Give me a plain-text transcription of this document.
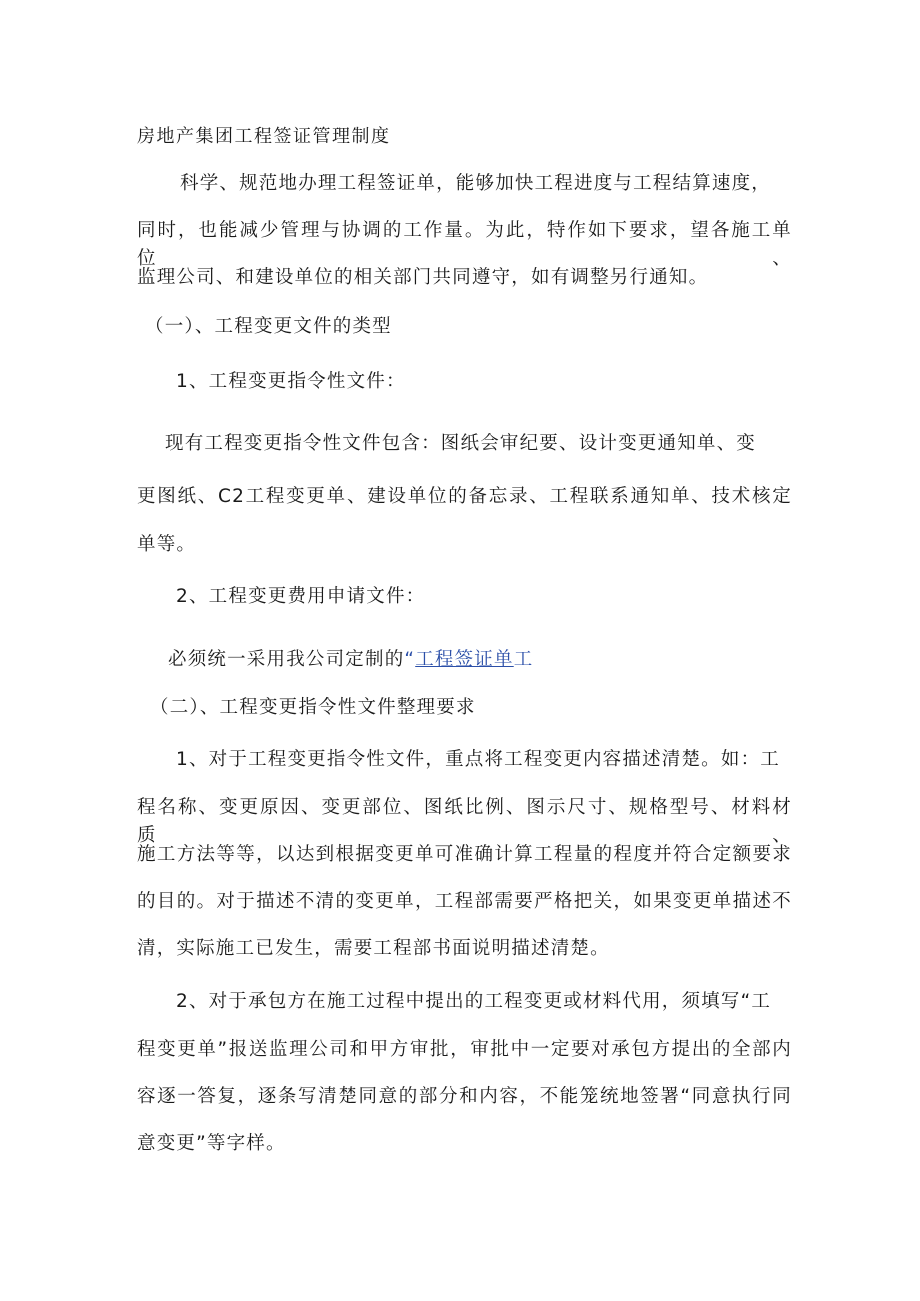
房地产集团工程签证管理制度
科学、规范地办理工程签证单，能够加快工程进度与工程结算速度，
同时，也能减少管理与协调的工作量。为此，特作如下要求，望各施工单位、
监理公司、和建设单位的相关部门共同遵守，如有调整另行通知。
（一）、工程变更文件的类型
1、工程变更指令性文件：
现有工程变更指令性文件包含：图纸会审纪要、设计变更通知单、变
更图纸、C2工程变更单、建设单位的备忘录、工程联系通知单、技术核定
单等。
2、工程变更费用申请文件：
必须统一采用我公司定制的“工程签证单工
（二）、工程变更指令性文件整理要求
1、对于工程变更指令性文件，重点将工程变更内容描述清楚。如：工
程名称、变更原因、变更部位、图纸比例、图示尺寸、规格型号、材料材质、
施工方法等等，以达到根据变更单可准确计算工程量的程度并符合定额要求
的目的。对于描述不清的变更单，工程部需要严格把关，如果变更单描述不
清，实际施工已发生，需要工程部书面说明描述清楚。
2、对于承包方在施工过程中提出的工程变更或材料代用，须填写“工
程变更单”报送监理公司和甲方审批，审批中一定要对承包方提出的全部内
容逐一答复，逐条写清楚同意的部分和内容，不能笼统地签署“同意执行同
意变更”等字样。
